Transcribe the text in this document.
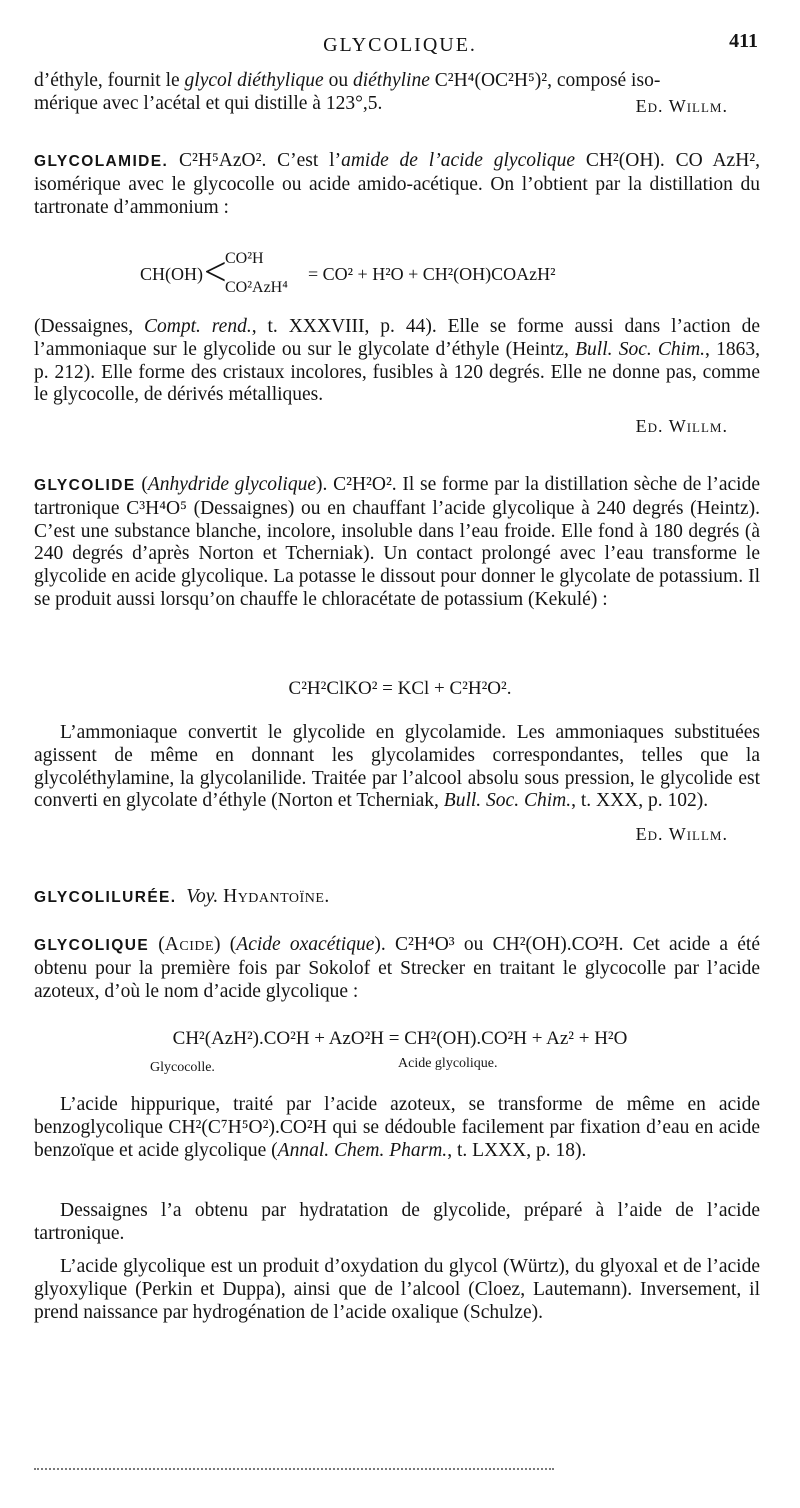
GLYCOLIQUE.	411
d’éthyle, fournit le glycol diéthylique ou diéthyline C²H⁴(OC²H⁵)², composé iso-
mérique avec l’acétal et qui distille à 123°,5.	Ed. Willm.
GLYCOLAMIDE. C²H⁵AzO². C’est l’amide de l’acide glycolique CH²(OH). CO AzH², isomérique avec le glycocolle ou acide amido-acétique. On l’obtient par la distillation du tartronate d’ammonium :
CH(OH) <
CO²H
CO²AzH⁴
= CO² + H²O + CH²(OH)COAzH²
(Dessaignes, Compt. rend., t. XXXVIII, p. 44). Elle se forme aussi dans l’action de l’ammoniaque sur le glycolide ou sur le glycolate d’éthyle (Heintz, Bull. Soc. Chim., 1863, p. 212). Elle forme des cristaux incolores, fusibles à 120 degrés. Elle ne donne pas, comme le glycocolle, de dérivés métalliques.
Ed. Willm.
GLYCOLIDE (Anhydride glycolique). C²H²O². Il se forme par la distillation sèche de l’acide tartronique C³H⁴O⁵ (Dessaignes) ou en chauffant l’acide glycolique à 240 degrés (Heintz). C’est une substance blanche, incolore, insoluble dans l’eau froide. Elle fond à 180 degrés (à 240 degrés d’après Norton et Tcherniak). Un contact prolongé avec l’eau transforme le glycolide en acide glycolique. La potasse le dissout pour donner le glycolate de potassium. Il se produit aussi lorsqu’on chauffe le chloracétate de potassium (Kekulé) :
C²H²ClKO² = KCl + C²H²O².
L’ammoniaque convertit le glycolide en glycolamide. Les ammoniaques substituées agissent de même en donnant les glycolamides correspondantes, telles que la glycoléthylamine, la glycolanilide. Traitée par l’alcool absolu sous pression, le glycolide est converti en glycolate d’éthyle (Norton et Tcherniak, Bull. Soc. Chim., t. XXX, p. 102).
Ed. Willm.
GLYCOLILURÉE. Voy. Hydantoïne.
GLYCOLIQUE (Acide) (Acide oxacétique). C²H⁴O³ ou CH²(OH).CO²H. Cet acide a été obtenu pour la première fois par Sokolof et Strecker en traitant le glycocolle par l’acide azoteux, d’où le nom d’acide glycolique :
CH²(AzH²).CO²H + AzO²H = CH²(OH).CO²H + Az² + H²O
Glycocolle.	Acide glycolique.
L’acide hippurique, traité par l’acide azoteux, se transforme de même en acide benzoglycolique CH²(C⁷H⁵O²).CO²H qui se dédouble facilement par fixation d’eau en acide benzoïque et acide glycolique (Annal. Chem. Pharm., t. LXXX, p. 18).
Dessaignes l’a obtenu par hydratation de glycolide, préparé à l’aide de l’acide tartronique.
L’acide glycolique est un produit d’oxydation du glycol (Würtz), du glyoxal et de l’acide glyoxylique (Perkin et Duppa), ainsi que de l’alcool (Cloez, Lautemann). Inversement, il prend naissance par hydrogénation de l’acide oxalique (Schulze).
